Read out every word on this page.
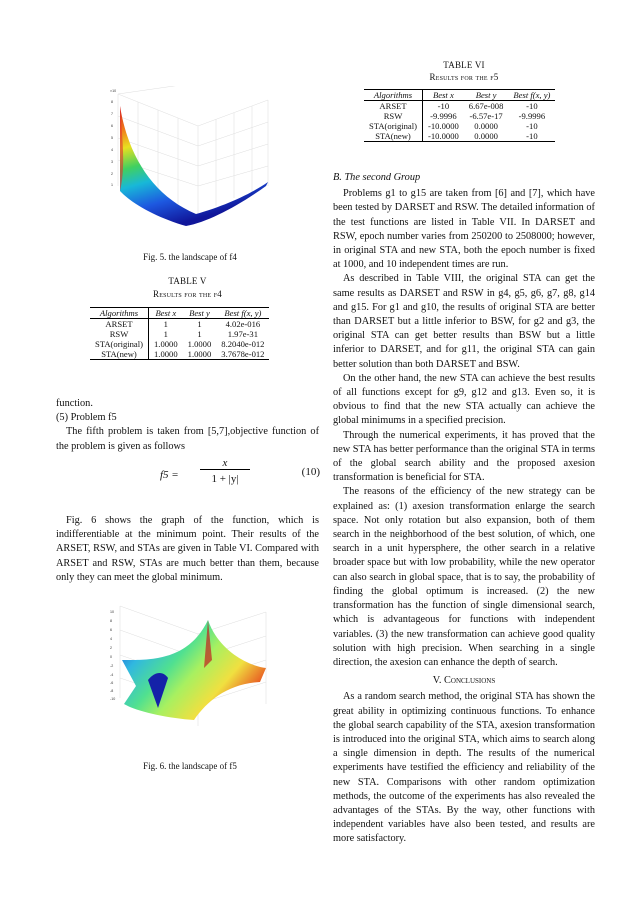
×10
1
2
3
4
5
6
7
8
Fig. 5. the landscape of f4
TABLE V
Results for the f4
Algorithms	Best x	Best y	Best f(x, y)
ARSET	1	1	4.02e-016
RSW	1	1	1.97e-31
STA(original)	1.0000	1.0000	8.2040e-012
STA(new)	1.0000	1.0000	3.7678e-012

function.

(5) Problem f5

The fifth problem is taken from [5,7],objective function of the problem is given as follows

f5 =
x
1 + |y|
(10)

Fig. 6 shows the graph of the function, which is indifferentiable at the minimum point. Their results of the ARSET, RSW, and STAs are given in Table VI. Compared with ARSET and RSW, STAs are much better than them, because only they can meet the global minimum.

-10
-8
-6
-4
-2
0
2
4
6
8
10
Fig. 6. the landscape of f5
TABLE VI
Results for the f5
Algorithms	Best x	Best y	Best f(x, y)
ARSET	-10	6.67e-008	-10
RSW	-9.9996	-6.57e-17	-9.9996
STA(original)	-10.0000	0.0000	-10
STA(new)	-10.0000	0.0000	-10

B. The second Group

Problems g1 to g15 are taken from [6] and [7], which have been tested by DARSET and RSW. The detailed information of the test functions are listed in Table VII. In DARSET and RSW, epoch number varies from 250200 to 2508000; however, in original STA and new STA, both the epoch number is fixed at 1000, and 10 independent times are run.

As described in Table VIII, the original STA can get the same results as DARSET and RSW in g4, g5, g6, g7, g8, g14 and g15. For g1 and g10, the results of original STA are better than DARSET but a little inferior to BSW, for g2 and g3, the original STA can get better results than BSW but a little inferior to DARSET, and for g11, the original STA can gain better solution than both DARSET and BSW.

On the other hand, the new STA can achieve the best results of all functions except for g9, g12 and g13. Even so, it is obvious to find that the new STA actually can achieve the global minimums in a specified precision.

Through the numerical experiments, it has proved that the new STA has better performance than the original STA in terms of the global search ability and the proposed axesion transformation is beneficial for STA.

The reasons of the efficiency of the new strategy can be explained as: (1) axesion transformation enlarge the search space. Not only rotation but also expansion, both of them search in the neighborhood of the best solution, of which, one search in a unit hypersphere, the other search in a relative broader space but with low probability, while the new operator can also search in global space, that is to say, the probability of finding the global optimum is increased. (2) the new transformation has the function of single dimensional search, which is advantageous for functions with independent variables. (3) the new transformation can achieve good quality solution with high precision. When searching in a single direction, the axesion can enhance the depth of search.

V. Conclusions

As a random search method, the original STA has shown the great ability in optimizing continuous functions. To enhance the global search capability of the STA, axesion transformation is introduced into the original STA, which aims to search along a single dimension in depth. The results of the numerical experiments have testified the efficiency and reliability of the new STA. Comparisons with other random optimization methods, the outcome of the experiments has also revealed the advantages of the STAs. By the way, other functions with independent variables have also been tested, and results are more satisfactory.
